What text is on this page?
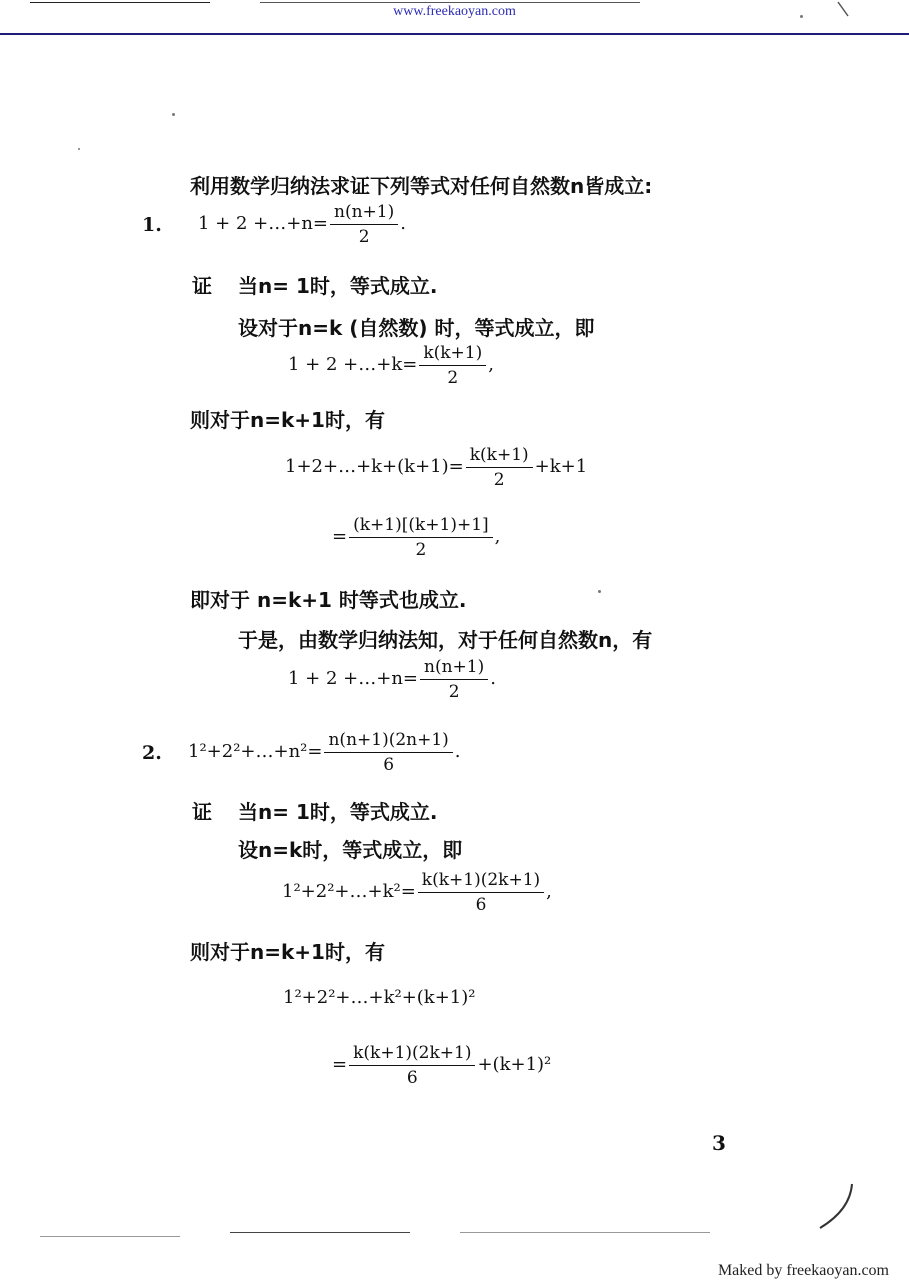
www.freekaoyan.com
利用数学归纳法求证下列等式对任何自然数n皆成立:
1. 1 + 2 +…+n= $\frac{n(n+1)}{2}$ .
证 当n= 1时，等式成立.
设对于n=k (自然数) 时，等式成立，即
1 + 2 +…+k= $\frac{k(k+1)}{2}$ ,
则对于n=k+1时，有
1+2+…+k+(k+1)= $\frac{k(k+1)}{2} +k+1$
= $\frac{(k+1)[(k+1)+1]}{2}$ ,
即对于 n=k+1 时等式也成立.
于是，由数学归纳法知，对于任何自然数n，有
1 + 2 +…+n= $\frac{n(n+1)}{2}$ .
2. 1²+2²+…+n²= $\frac{n(n+1)(2n+1)}{6}$ .
证 当n= 1时，等式成立.
设n=k时，等式成立，即
1²+2²+…+k²= $\frac{k(k+1)(2k+1)}{6}$ ,
则对于n=k+1时，有
1²+2²+…+k²+(k+1)²
= $\frac{k(k+1)(2k+1)}{6} +(k+1)^2$
3
Maked by freekaoyan.com
